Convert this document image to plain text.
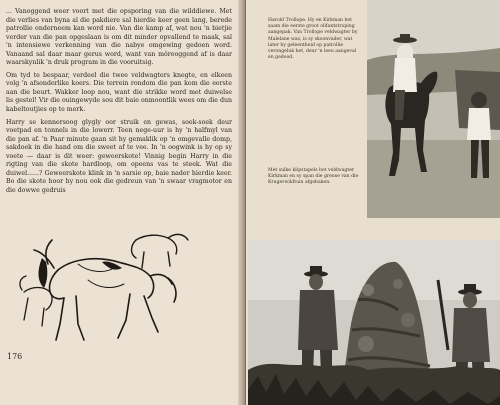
... Vanoggend weer voort met die opsporing van die wilddiewe. Met die verlies van byna al die pakdiere sal hierdie keer geen lang, berede patrollie onderneem kan word nie. Van die kamp af, wat nou 'n bietjie verder van die pan opgeslaan is om dit minder opvallend te maak, sal 'n intensiewe verkenning van die nabye omgewing gedoen word. Vanaand sal daar maar gerus word, want van môreoggend af is daar waarskynlik 'n druk program in die vooruitsig.

Om tyd te bespaar, verdeel die twee veldwagters knegte, en elkeen volg 'n afsonderlike koers. Die terrein rondom die pan kom die eerste aan die beurt. Wakker loop nou, want die strikke word met duiwelse lis gestel! Vir die ouingewyde sou dit baie onmoontlik wees om die dun kabeltoutjies op te merk.

Harry se kennersoog glygly oor struik en gewas, soek-soek deur voetpad en tonnels in die lowerr. Teen nege-uur is hy 'n halfmyl van die pan af. 'n Paar minute gaan sit hy gemaklik op 'n omgevalle domp, sakdoek in die hand om die sweet af te vee. In 'n oogwink is hy op sy voete — daar is dit weer: geweerskote! Vinnig begin Harry in die rigting van die skote hardloop, om opeens vas te steek. Wat die duiwel......? Geweerskote klink in 'n sarsie op, baie nader hierdie keer. Bo die skote hoor hy nou ook die gedreun van 'n swaar vragmotor en die dowwe gedruis

176
Harold Trollope. Hy en Kirkman het saam die eerste groot olifantstroping aangepak. Van Trollope veldwagter by Malelane was, is sy skoonvader, wat later by geleentheid op patrollie verongeluk het, deur 'n leeu aangeval en gedood.
Met sulke klipstapels het veldwagter Kirkman en sy span die grense van die Krugerwildtuin afgebaken.
